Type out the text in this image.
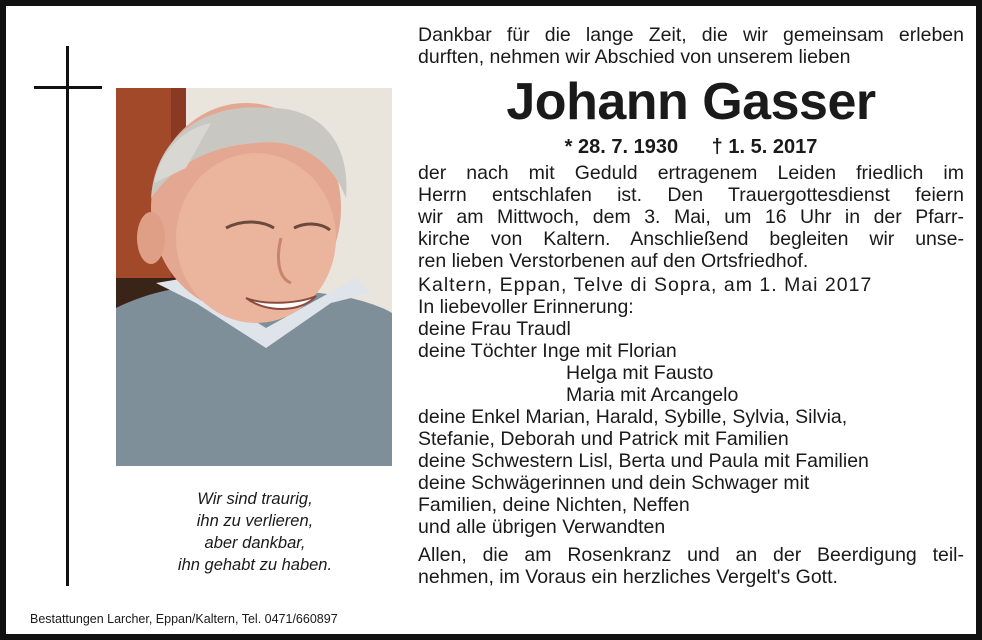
Wir sind traurig,
ihn zu verlieren,
aber dankbar,
ihn gehabt zu haben.
Bestattungen Larcher, Eppan/Kaltern, Tel. 0471/660897
Dankbar für die lange Zeit, die wir gemeinsam erleben
durften, nehmen wir Abschied von unserem lieben
Johann Gasser
* 28. 7. 1930 † 1. 5. 2017
der nach mit Geduld ertragenem Leiden friedlich im
Herrn entschlafen ist. Den Trauergottesdienst feiern
wir am Mittwoch, dem 3. Mai, um 16 Uhr in der Pfarr-
kirche von Kaltern. Anschließend begleiten wir unse-
ren lieben Verstorbenen auf den Ortsfriedhof.
Kaltern, Eppan, Telve di Sopra, am 1. Mai 2017
In liebevoller Erinnerung:
deine Frau Traudl
deine Töchter Inge mit Florian
Helga mit Fausto
Maria mit Arcangelo
deine Enkel Marian, Harald, Sybille, Sylvia, Silvia,
Stefanie, Deborah und Patrick mit Familien
deine Schwestern Lisl, Berta und Paula mit Familien
deine Schwägerinnen und dein Schwager mit
Familien, deine Nichten, Neffen
und alle übrigen Verwandten
Allen, die am Rosenkranz und an der Beerdigung teil-
nehmen, im Voraus ein herzliches Vergelt's Gott.
